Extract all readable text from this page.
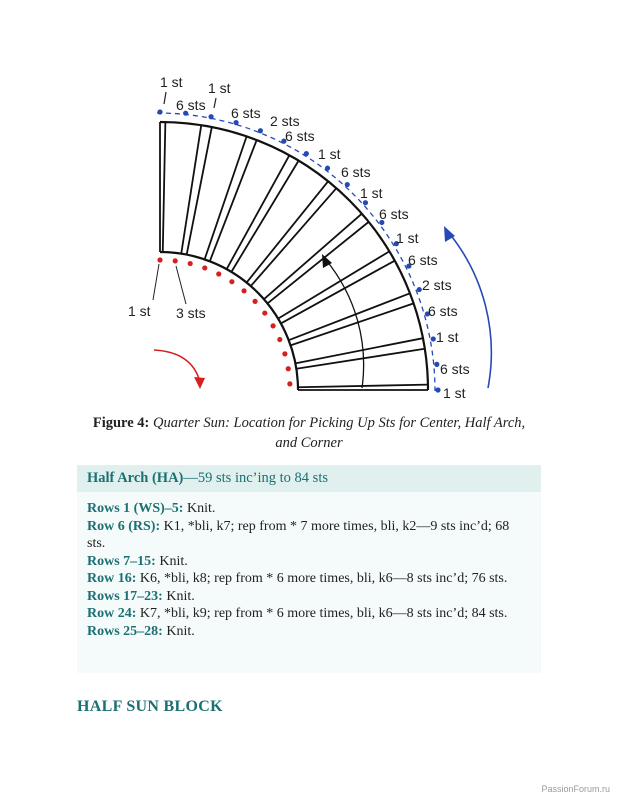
1 st
6 sts
1 st
6 sts 2 sts
6 sts
1 st
6 sts
1 st
6 sts
1 st
6 sts
2 sts
6 sts
1 st
6 sts
1 st
1 st 3 sts
Figure 4: Quarter Sun: Location for Picking Up Sts for Center, Half Arch,
and Corner
Half Arch (HA)—59 sts inc’ing to 84 sts

Rows 1 (WS)–5: Knit.

Row 6 (RS): K1, *bli, k7; rep from * 7 more times, bli, k2—9 sts inc’d; 68 sts.

Rows 7–15: Knit.

Row 16: K6, *bli, k8; rep from * 6 more times, bli, k6—8 sts inc’d; 76 sts.

Rows 17–23: Knit.

Row 24: K7, *bli, k9; rep from * 6 more times, bli, k6—8 sts inc’d; 84 sts.

Rows 25–28: Knit.

HALF SUN BLOCK
PassionForum.ru
